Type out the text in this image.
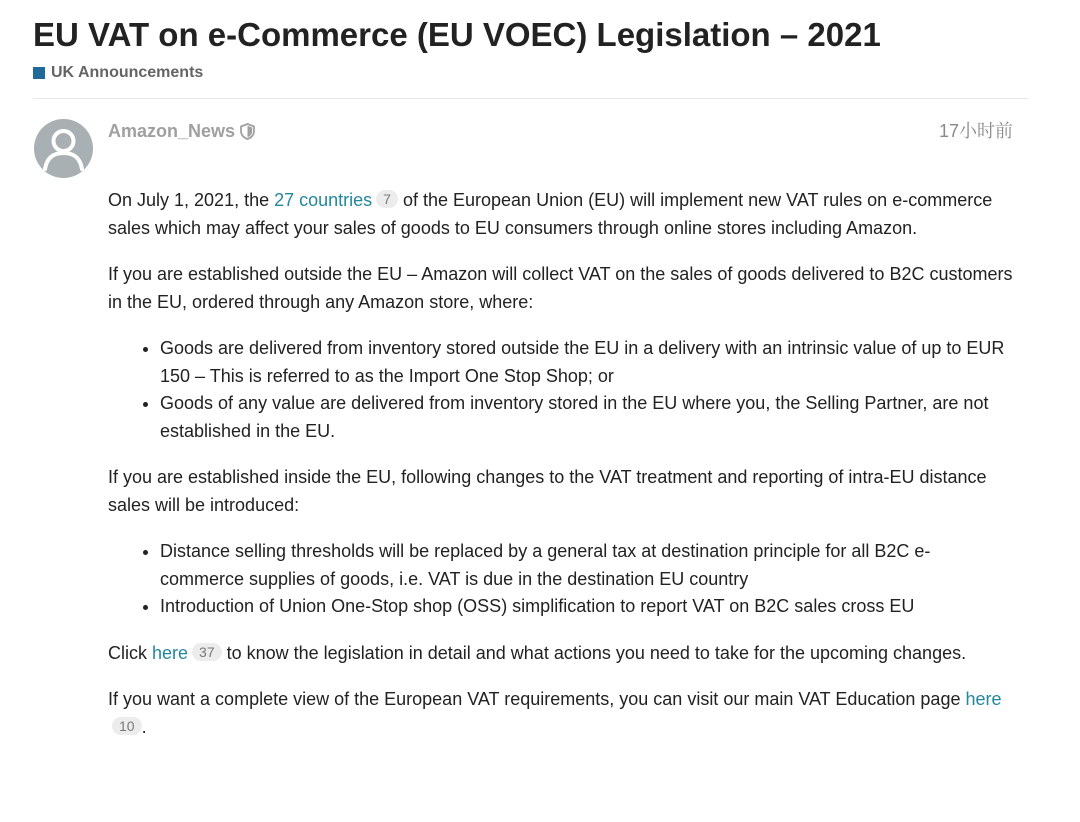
EU VAT on e-Commerce (EU VOEC) Legislation – 2021
UK Announcements
Amazon_News	17小时前

On July 1, 2021, the 27 countries 7 of the European Union (EU) will implement new VAT rules on e-commerce sales which may affect your sales of goods to EU consumers through online stores including Amazon.

If you are established outside the EU – Amazon will collect VAT on the sales of goods delivered to B2C customers in the EU, ordered through any Amazon store, where:

• Goods are delivered from inventory stored outside the EU in a delivery with an intrinsic value of up to EUR 150 – This is referred to as the Import One Stop Shop; or
• Goods of any value are delivered from inventory stored in the EU where you, the Selling Partner, are not established in the EU.

If you are established inside the EU, following changes to the VAT treatment and reporting of intra-EU distance sales will be introduced:

• Distance selling thresholds will be replaced by a general tax at destination principle for all B2C e-commerce supplies of goods, i.e. VAT is due in the destination EU country
• Introduction of Union One-Stop shop (OSS) simplification to report VAT on B2C sales cross EU

Click here 37 to know the legislation in detail and what actions you need to take for the upcoming changes.

If you want a complete view of the European VAT requirements, you can visit our main VAT Education page here10 .
